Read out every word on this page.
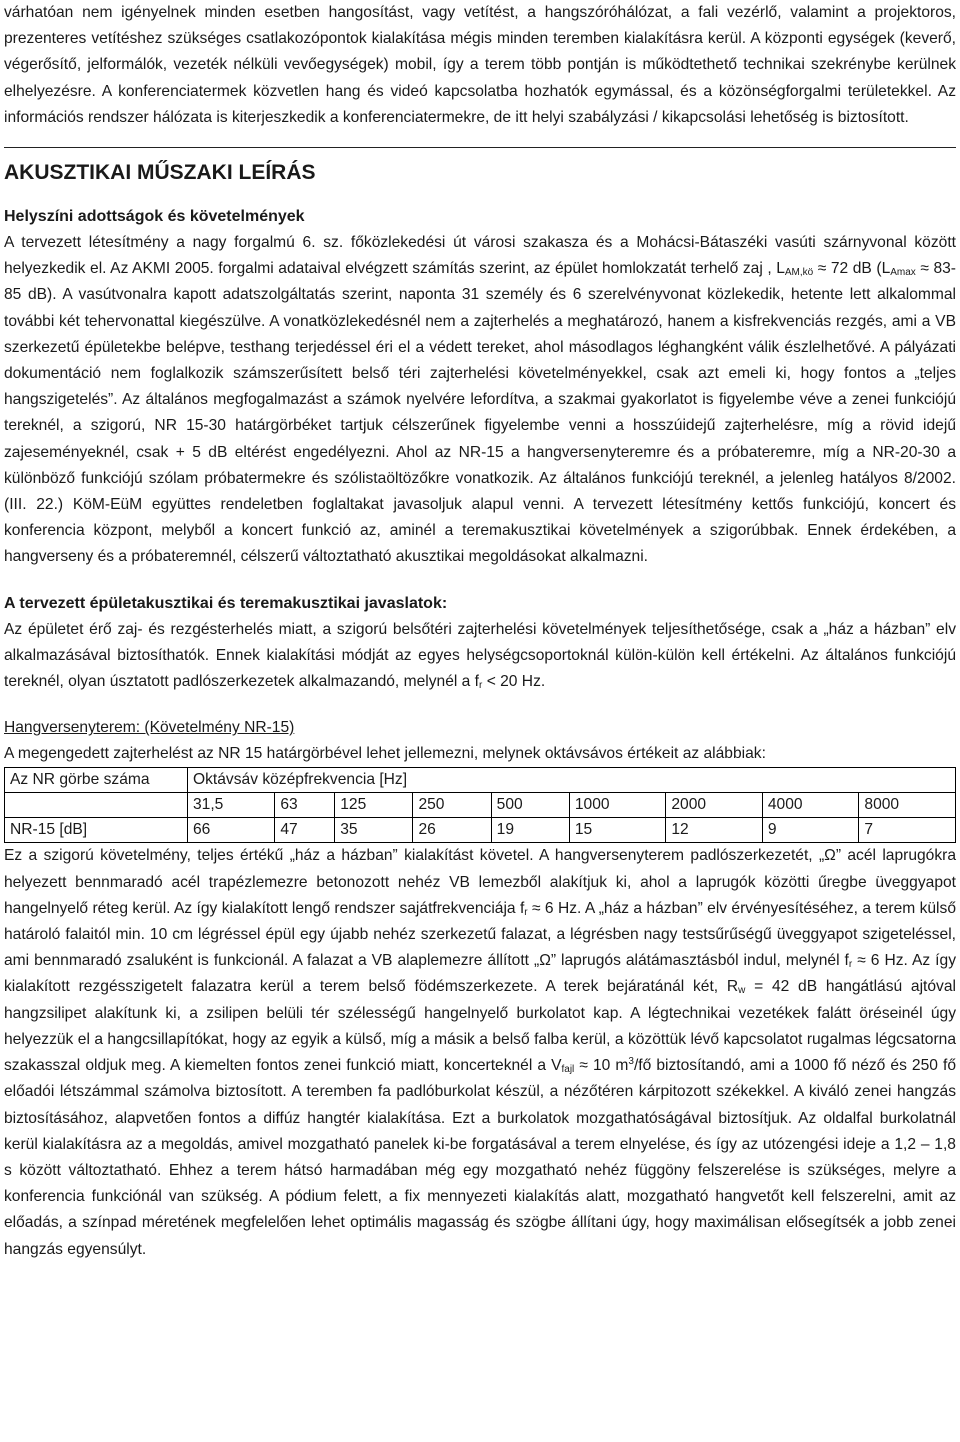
várhatóan nem igényelnek minden esetben hangosítást, vagy vetítést, a hangszóróhálózat, a fali vezérlő, valamint a projektoros, prezenteres vetítéshez szükséges csatlakozópontok kialakítása mégis minden teremben kialakításra kerül. A központi egységek (keverő, végerősítő, jelformálók, vezeték nélküli vevőegységek) mobil, így a terem több pontján is működtethető technikai szekrénybe kerülnek elhelyezésre. A konferenciatermek közvetlen hang és videó kapcsolatba hozhatók egymással, és a közönségforgalmi területekkel. Az információs rendszer hálózata is kiterjeszkedik a konferenciatermekre, de itt helyi szabályzási / kikapcsolási lehetőség is biztosított.

AKUSZTIKAI MŰSZAKI LEÍRÁS
Helyszíni adottságok és követelmények

A tervezett létesítmény a nagy forgalmú 6. sz. főközlekedési út városi szakasza és a Mohácsi-Bátaszéki vasúti szárnyvonal között helyezkedik el. Az AKMI 2005. forgalmi adataival elvégzett számítás szerint, az épület homlokzatát terhelő zaj , $L_{AM,kö} \approx 72$ dB ($L_{Amax} \approx 83-85$ dB). A vasútvonalra kapott adatszolgáltatás szerint, naponta 31 személy és 6 szerelvényvonat közlekedik, hetente lett alkalommal további két tehervonattal kiegészülve. A vonatközlekedésnél nem a zajterhelés a meghatározó, hanem a kisfrekvenciás rezgés, ami a VB szerkezetű épületekbe belépve, testhang terjedéssel éri el a védett tereket, ahol másodlagos léghangként válik észlelhetővé. A pályázati dokumentáció nem foglalkozik számszerűsített belső téri zajterhelési követelményekkel, csak azt emeli ki, hogy fontos a „teljes hangszigetelés”. Az általános megfogalmazást a számok nyelvére lefordítva, a szakmai gyakorlatot is figyelembe véve a zenei funkciójú tereknél, a szigorú, NR 15-30 határgörbéket tartjuk célszerűnek figyelembe venni a hosszúidejű zajterhelésre, míg a rövid idejű zajeseményeknél, csak + 5 dB eltérést engedélyezni. Ahol az NR-15 a hangversenyteremre és a próbateremre, míg a NR-20-30 a különböző funkciójú szólam próbatermekre és szólistaöltözőkre vonatkozik. Az általános funkciójú tereknél, a jelenleg hatályos 8/2002. (III. 22.) KöM-EüM együttes rendeletben foglaltakat javasoljuk alapul venni. A tervezett létesítmény kettős funkciójú, koncert és konferencia központ, melyből a koncert funkció az, aminél a teremakusztikai követelmények a szigorúbbak. Ennek érdekében, a hangverseny és a próbateremnél, célszerű változtatható akusztikai megoldásokat alkalmazni.

A tervezett épületakusztikai és teremakusztikai javaslatok:

Az épületet érő zaj- és rezgésterhelés miatt, a szigorú belsőtéri zajterhelési követelmények teljesíthetősége, csak a „ház a házban” elv alkalmazásával biztosíthatók. Ennek kialakítási módját az egyes helységcsoportoknál külön-külön kell értékelni. Az általános funkciójú tereknél, olyan úsztatott padlószerkezetek alkalmazandó, melynél a $f_r < 20$ Hz.

Hangversenyterem: (Követelmény NR-15)

A megengedett zajterhelést az NR 15 határgörbével lehet jellemezni, melynek oktávsávos értékeit az alábbiak:

Az NR görbe száma	Oktávsáv középfrekvencia [Hz]								
	31,5	63	125	250	500	1000	2000	4000	8000
NR-15 [dB]	66	47	35	26	19	15	12	9	7

Ez a szigorú követelmény, teljes értékű „ház a házban” kialakítást követel. A hangversenyterem padlószerkezetét, „Ω” acél laprugókra helyezett bennmaradó acél trapézlemezre betonozott nehéz VB lemezből alakítjuk ki, ahol a laprugók közötti űregbe üveggyapot hangelnyelő réteg kerül. Az így kialakított lengő rendszer sajátfrekvenciája $f_r \approx 6$ Hz. A „ház a házban” elv érvényesítéséhez, a terem külső határoló falaitól min. 10 cm légréssel épül egy újabb nehéz szerkezetű falazat, a légrésben nagy testsűrűségű üveggyapot szigeteléssel, ami bennmaradó zsaluként is funkcionál. A falazat a VB alaplemezre állított „Ω” laprugós alátámasztásból indul, melynél $f_r \approx 6$ Hz. Az így kialakított rezgésszigetelt falazatra kerül a terem belső födémszerkezete. A terek bejáratánál két, $R_w = 42$ dB hangátlású ajtóval hangzsilipet alakítunk ki, a zsilipen belüli tér szélességű hangelnyelő burkolatot kap. A légtechnikai vezetékek falátt öréseinél úgy helyezzük el a hangcsillapítókat, hogy az egyik a külső, míg a másik a belső falba kerül, a közöttük lévő kapcsolatot rugalmas légcsatorna szakasszal oldjuk meg. A kiemelten fontos zenei funkció miatt, koncerteknél a $V_{fajl} \approx 10$ $m^3/fő$ biztosítandó, ami a 1000 fő néző és 250 fő előadói létszámmal számolva biztosított. A teremben fa padlóburkolat készül, a nézőtéren kárpitozott székekkel. A kiváló zenei hangzás biztosításához, alapvetően fontos a diffúz hangtér kialakítása. Ezt a burkolatok mozgathatóságával biztosítjuk. Az oldalfal burkolatnál kerül kialakításra az a megoldás, amivel mozgatható panelek ki-be forgatásával a terem elnyelése, és így az utózengési ideje a 1,2 – 1,8 s között változtatható. Ehhez a terem hátsó harmadában még egy mozgatható nehéz függöny felszerelése is szükséges, melyre a konferencia funkciónál van szükség. A pódium felett, a fix mennyezeti kialakítás alatt, mozgatható hangvetőt kell felszerelni, amit az előadás, a színpad méretének megfelelően lehet optimális magasság és szögbe állítani úgy, hogy maximálisan elősegítsék a jobb zenei hangzás egyensúlyt.
